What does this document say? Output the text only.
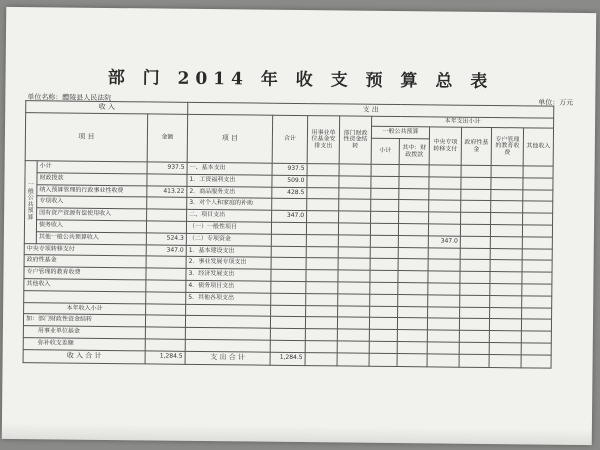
部 门 2014 年 收 支 预 算 总 表
单位名称：醴陵县人民法院
单位：万元
收 入			支 出									
项 目		金额	项 目	合计	用事业单位基金安排支出	部门财政性资金结转	本年支出小计					
							一般公共预算		中央专项转移支付	政府性基金	专户管理的教育收费	其他收入
							小计	其中：财政拨款				
一般公共预算	小计	937.5	一、基本支出	937.5								
	财政拨款		1．工资福利支出	509.0								
	纳入预算管理的行政事业性收费	413.22	2．商品服务支出	428.5								
	专项收入		3．对个人和家庭的补助									
	国有资产资源有偿使用收入		二、项目支出	347.0								
	债务收入		（一）一般性项目									
	其他一般公共预算收入	524.3	（二）专项资金						347.0			
中央专项转移支付		347.0	1．基本建设支出									
政府性基金			2．事业发展专项支出									
专户管理的教育收费			3．经济发展支出									
其他收入			4．债务项目支出									
			5．其他各项支出									
本年收入小计												
加：部门财政性资金结转												
用事业单位基金												
弥补收支差额												
收 入 合 计		1,284.5	支 出 合 计	1,284.5								
